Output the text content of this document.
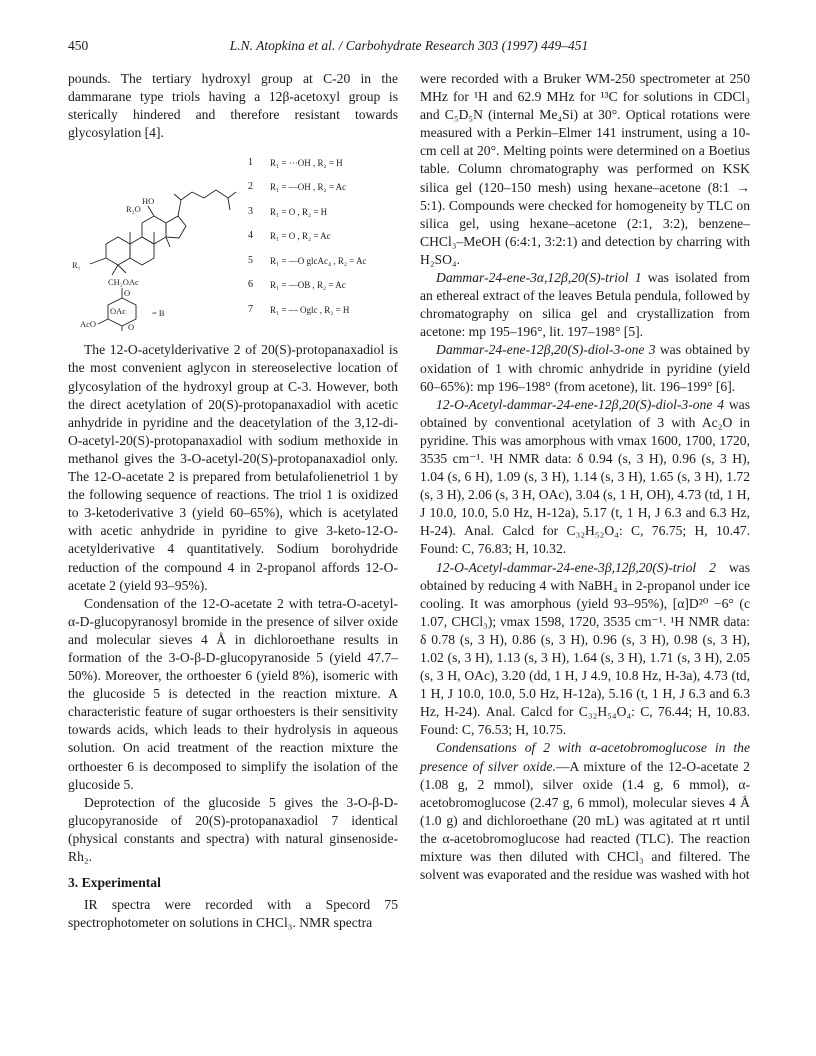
450	L.N. Atopkina et al. / Carbohydrate Research 303 (1997) 449–451

pounds. The tertiary hydroxyl group at C-20 in the dammarane type triols having a 12β-acetoxyl group is sterically hindered and therefore resistant towards glycosylation [4].

HO
R₂O
R₁
CH₂OAc
O
OAc	= B
AcO	O
1	R₁ = ···OH , R₂ = H
2	R₁ = —OH , R₂ = Ac
3	R₁ = O , R₂ = H
4	R₁ = O , R₂ = Ac
5	R₁ = —O glcAc₄ , R₂ = Ac
6	R₁ = —OB , R₂ = Ac
7	R₁ = — Oglc , R₂ = H

The 12-O-acetylderivative 2 of 20(S)-protopanaxadiol is the most convenient aglycon in stereoselective location of glycosylation of the hydroxyl group at C-3. However, both the direct acetylation of 20(S)-protopanaxadiol with acetic anhydride in pyridine and the deacetylation of the 3,12-di-O-acetyl-20(S)-protopanaxadiol with sodium methoxide in methanol gives the 3-O-acetyl-20(S)-protopanaxadiol only. The 12-O-acetate 2 is prepared from betulafolienetriol 1 by the following sequence of reactions. The triol 1 is oxidized to 3-ketoderivative 3 (yield 60–65%), which is acetylated with acetic anhydride in pyridine to give 3-keto-12-O-acetylderivative 4 quantitatively. Sodium borohydride reduction of the compound 4 in 2-propanol affords 12-O-acetate 2 (yield 93–95%).

Condensation of the 12-O-acetate 2 with tetra-O-acetyl-α-D-glucopyranosyl bromide in the presence of silver oxide and molecular sieves 4 Å in dichloroethane results in formation of the 3-O-β-D-glucopyranoside 5 (yield 47.7–50%). Moreover, the orthoester 6 (yield 8%), isomeric with the glucoside 5 is detected in the reaction mixture. A characteristic feature of sugar orthoesters is their sensitivity towards acids, which leads to their hydrolysis in aqueous solution. On acid treatment of the reaction mixture the orthoester 6 is decomposed to simplify the isolation of the glucoside 5.

Deprotection of the glucoside 5 gives the 3-O-β-D-glucopyranoside of 20(S)-protopanaxadiol 7 identical (physical constants and spectra) with natural ginsenoside-Rh₂.

3. Experimental

IR spectra were recorded with a Specord 75 spectrophotometer on solutions in CHCl₃. NMR spectra

were recorded with a Bruker WM-250 spectrometer at 250 MHz for ¹H and 62.9 MHz for ¹³C for solutions in CDCl₃ and C₅D₅N (internal Me₄Si) at 30°. Optical rotations were measured with a Perkin–Elmer 141 instrument, using a 10-cm cell at 20°. Melting points were determined on a Boetius table. Column chromatography was performed on KSK silica gel (120–150 mesh) using hexane–acetone (8:1 → 5:1). Compounds were checked for homogeneity by TLC on silica gel, using hexane–acetone (2:1, 3:2), benzene–CHCl₃–MeOH (6:4:1, 3:2:1) and detection by charring with H₂SO₄.

Dammar-24-ene-3α,12β,20(S)-triol 1 was isolated from an ethereal extract of the leaves Betula pendula, followed by chromatography on silica gel and crystallization from acetone: mp 195–196°, lit. 197–198° [5].

Dammar-24-ene-12β,20(S)-diol-3-one 3 was obtained by oxidation of 1 with chromic anhydride in pyridine (yield 60–65%): mp 196–198° (from acetone), lit. 196–199° [6].

12-O-Acetyl-dammar-24-ene-12β,20(S)-diol-3-one 4 was obtained by conventional acetylation of 3 with Ac₂O in pyridine. This was amorphous with νmax 1600, 1700, 1720, 3535 cm⁻¹. ¹H NMR data: δ 0.94 (s, 3 H), 0.96 (s, 3 H), 1.04 (s, 6 H), 1.09 (s, 3 H), 1.14 (s, 3 H), 1.65 (s, 3 H), 1.72 (s, 3 H), 2.06 (s, 3 H, OAc), 3.04 (s, 1 H, OH), 4.73 (td, 1 H, J 10.0, 10.0, 5.0 Hz, H-12a), 5.17 (t, 1 H, J 6.3 and 6.3 Hz, H-24). Anal. Calcd for C₃₂H₅₂O₄: C, 76.75; H, 10.47. Found: C, 76.83; H, 10.32.

12-O-Acetyl-dammar-24-ene-3β,12β,20(S)-triol 2 was obtained by reducing 4 with NaBH₄ in 2-propanol under ice cooling. It was amorphous (yield 93–95%), [α]D²⁰ −6° (c 1.07, CHCl₃); νmax 1598, 1720, 3535 cm⁻¹. ¹H NMR data: δ 0.78 (s, 3 H), 0.86 (s, 3 H), 0.96 (s, 3 H), 0.98 (s, 3 H), 1.02 (s, 3 H), 1.13 (s, 3 H), 1.64 (s, 3 H), 1.71 (s, 3 H), 2.05 (s, 3 H, OAc), 3.20 (dd, 1 H, J 4.9, 10.8 Hz, H-3a), 4.73 (td, 1 H, J 10.0, 10.0, 5.0 Hz, H-12a), 5.16 (t, 1 H, J 6.3 and 6.3 Hz, H-24). Anal. Calcd for C₃₂H₅₄O₄: C, 76.44; H, 10.83. Found: C, 76.53; H, 10.75.

Condensations of 2 with α-acetobromoglucose in the presence of silver oxide.—A mixture of the 12-O-acetate 2 (1.08 g, 2 mmol), silver oxide (1.4 g, 6 mmol), α-acetobromoglucose (2.47 g, 6 mmol), molecular sieves 4 Å (1.0 g) and dichloroethane (20 mL) was agitated at rt until the α-acetobromoglucose had reacted (TLC). The reaction mixture was then diluted with CHCl₃ and filtered. The solvent was evaporated and the residue was washed with hot
